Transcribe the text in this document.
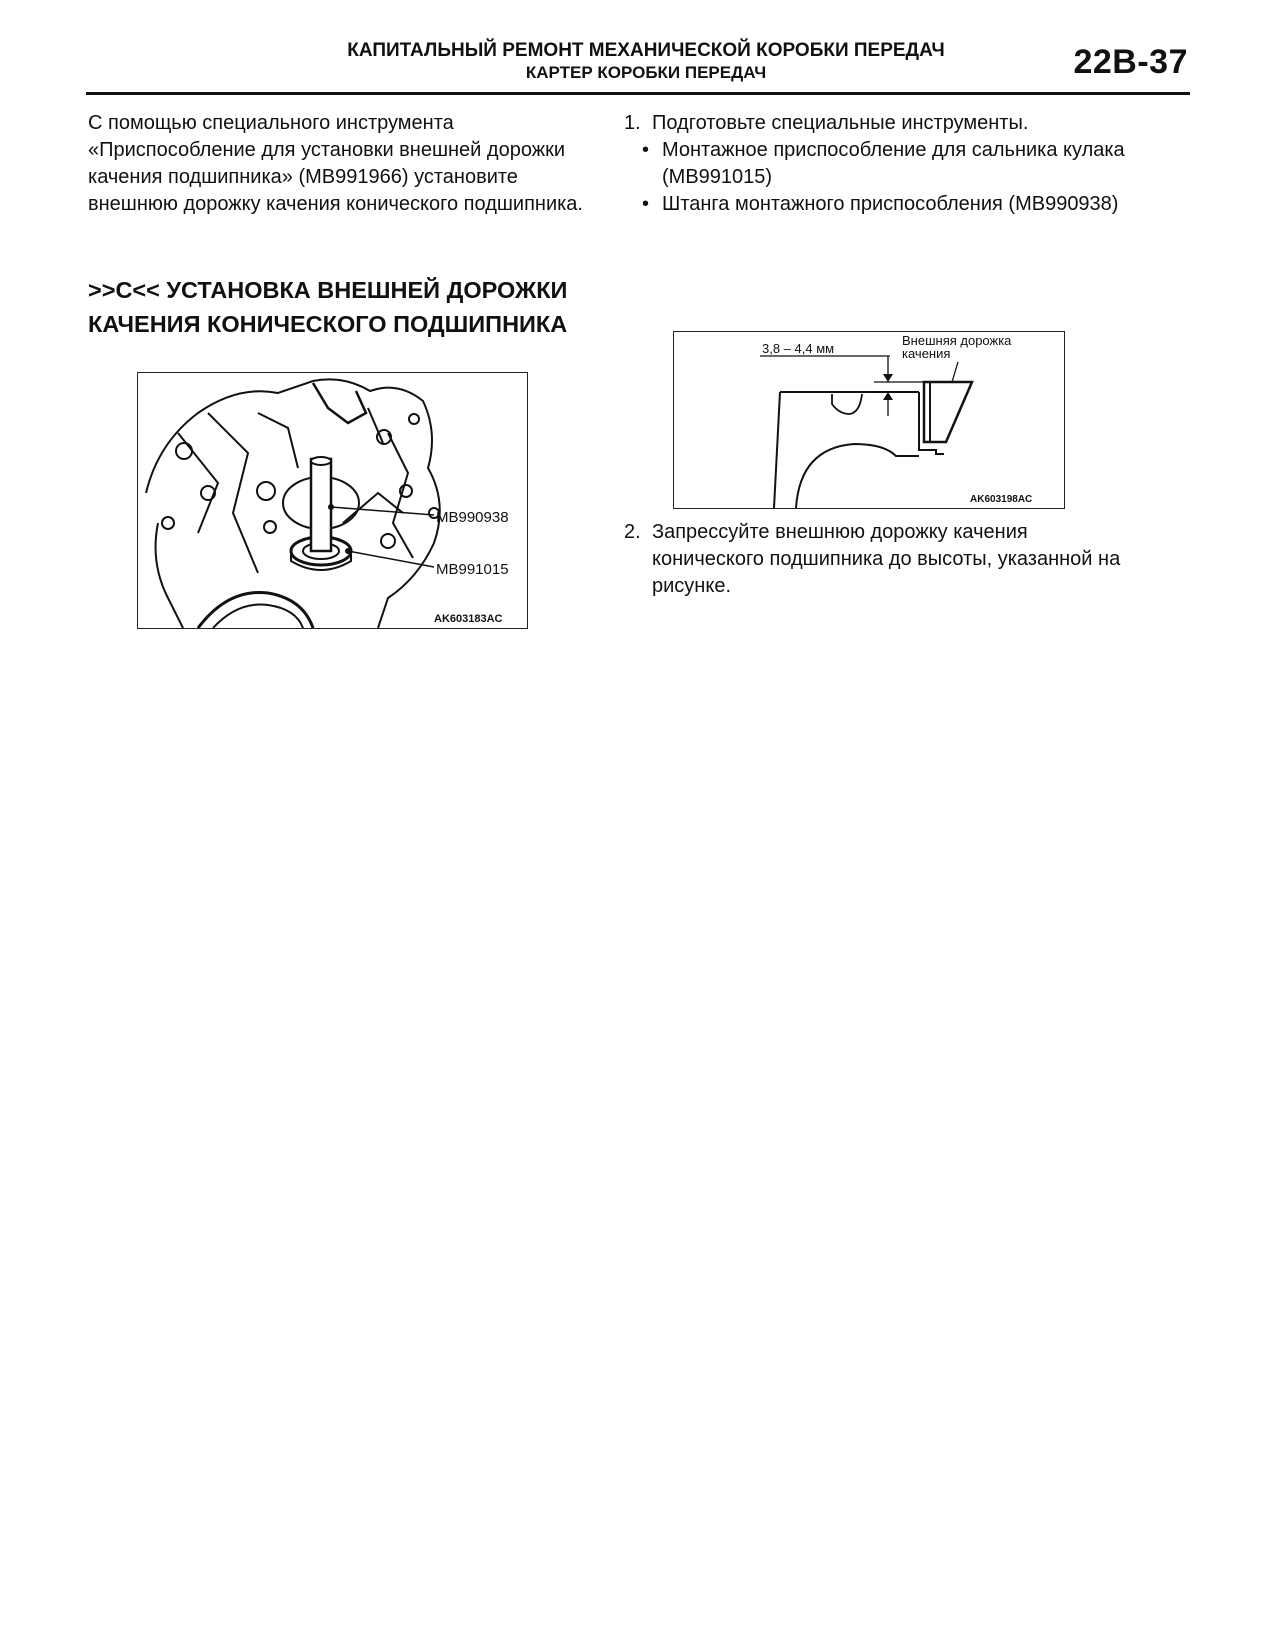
КАПИТАЛЬНЫЙ РЕМОНТ МЕХАНИЧЕСКОЙ КОРОБКИ ПЕРЕДАЧ
КАРТЕР КОРОБКИ ПЕРЕДАЧ	22B-37

С помощью специального инструмента «Приспособление для установки внешней дорожки качения подшипника» (MB991966) установите внешнюю дорожку качения конического подшипника.

>>C<< УСТАНОВКА ВНЕШНЕЙ ДОРОЖКИ КАЧЕНИЯ КОНИЧЕСКОГО ПОДШИПНИКА
MB990938
MB991015
AK603183AC
1. Подготовьте специальные инструменты.
• Монтажное приспособление для сальника кулака (MB991015)
• Штанга монтажного приспособления (MB990938)
3,8 – 4,4 мм
Внешняя дорожка
качения
AK603198AC
2. Запрессуйте внешнюю дорожку качения конического подшипника до высоты, указанной на рисунке.
